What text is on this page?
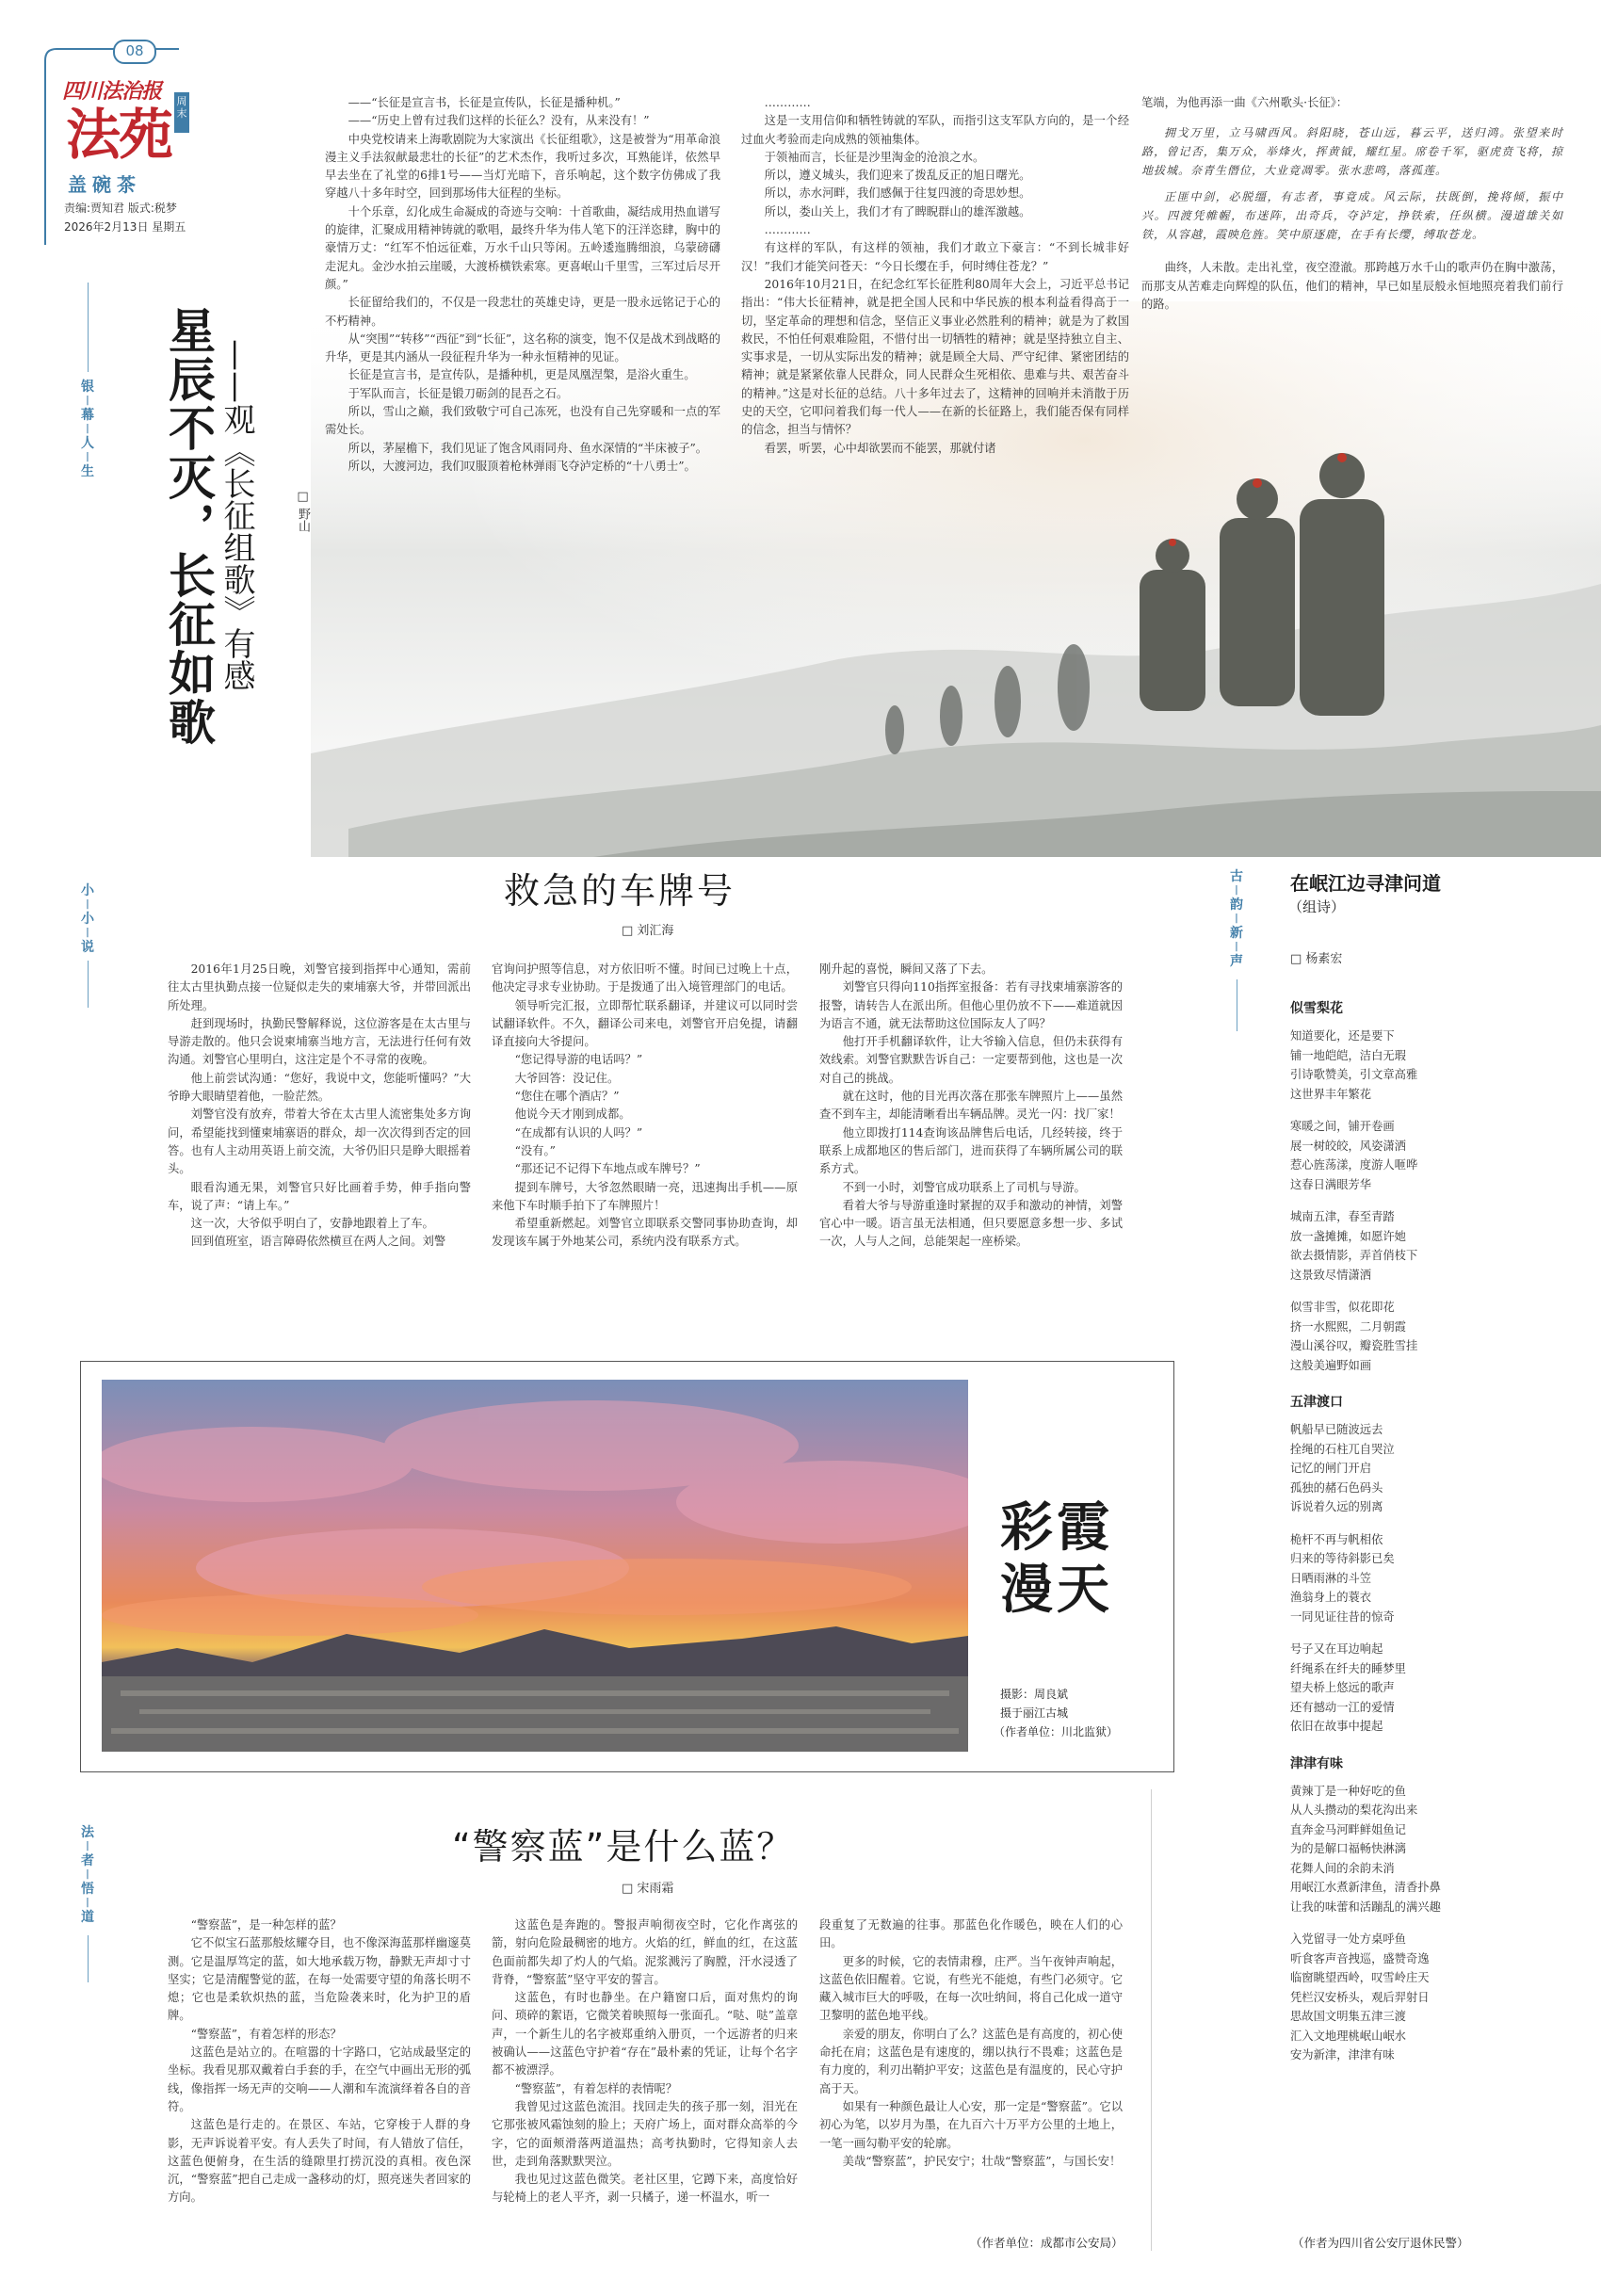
08
四川法治报
法苑
周末
盖碗茶
责编:贾知君 版式:税梦
2026年2月13日 星期五
银
|
幕
|
人
|
生 星辰不灭，长征如歌 ——观《长征组歌》有感	□ 野山

——“长征是宣言书，长征是宣传队，长征是播种机。”

——“历史上曾有过我们这样的长征么？没有，从来没有！”

中央党校请来上海歌剧院为大家演出《长征组歌》，这是被誉为“用革命浪漫主义手法叙献最悲壮的长征”的艺术杰作，我听过多次，耳熟能详，依然早早去坐在了礼堂的6排1号——当灯光暗下，音乐响起，这个数字仿佛成了我穿越八十多年时空，回到那场伟大征程的坐标。

十个乐章，幻化成生命凝成的奇迹与交响：十首歌曲，凝结成用热血谱写的旋律，汇聚成用精神铸就的歌唱，最终升华为伟人笔下的汪洋恣肆，胸中的豪情万丈：“红军不怕远征难，万水千山只等闲。五岭逶迤腾细浪，乌蒙磅礴走泥丸。金沙水拍云崖暖，大渡桥横铁索寒。更喜岷山千里雪，三军过后尽开颜。”

长征留给我们的，不仅是一段悲壮的英雄史诗，更是一股永远铭记于心的不朽精神。

从“突围”“转移”“西征”到“长征”，这名称的演变，饱不仅是战术到战略的升华，更是其内涵从一段征程升华为一种永恒精神的见证。

长征是宣言书，是宣传队，是播种机，更是凤凰涅槃，是浴火重生。

于军队而言，长征是锻刀砺剑的昆吾之石。

所以，雪山之巅，我们致敬宁可自己冻死，也没有自己先穿暖和一点的军需处长。

所以，茅屋檐下，我们见证了饱含风雨同舟、鱼水深情的“半床被子”。

所以，大渡河边，我们叹服顶着枪林弹雨飞夺泸定桥的“十八勇士”。

…………

这是一支用信仰和牺牲铸就的军队，而指引这支军队方向的，是一个经过血火考验而走向成熟的领袖集体。

于领袖而言，长征是沙里淘金的沧浪之水。

所以，遵义城头，我们迎来了拨乱反正的旭日曙光。

所以，赤水河畔，我们感佩于往复四渡的奇思妙想。

所以，娄山关上，我们才有了睥睨群山的雄浑激越。

…………

有这样的军队，有这样的领袖，我们才敢立下豪言：“不到长城非好汉！”我们才能笑问苍天：“今日长缨在手，何时缚住苍龙？”

2016年10月21日，在纪念红军长征胜利80周年大会上，习近平总书记指出：“伟大长征精神，就是把全国人民和中华民族的根本利益看得高于一切，坚定革命的理想和信念，坚信正义事业必然胜利的精神；就是为了救国救民，不怕任何艰难险阻，不惜付出一切牺牲的精神；就是坚持独立自主、实事求是，一切从实际出发的精神；就是顾全大局、严守纪律、紧密团结的精神；就是紧紧依靠人民群众，同人民群众生死相依、患难与共、艰苦奋斗的精神。”这是对长征的总结。八十多年过去了，这精神的回响并未消散于历史的天空，它叩问着我们每一代人——在新的长征路上，我们能否保有同样的信念，担当与情怀？

看罢，听罢，心中却欲罢而不能罢，那就付诸

笔端，为他再添一曲《六州歌头·长征》：

拥戈万里，立马啸西风。斜阳晓，苍山远，暮云平，送归鸿。张望来时路，曾记否，集万众，举烽火，挥黄钺，耀红星。席卷千军，驱虎贲飞将，掠地拔城。奈青生僭位，大业竟凋零。张水悲鸣，落孤莲。

正匪中剑，必脱缰，有志者，事竟成。风云际，扶既倒，挽将倾，振中兴。四渡凭帷幄，布迷阵，出奇兵，夺泸定，挣铁索，任纵横。漫道雄关如铁，从容越，霞映危旌。笑中原逐鹿，在手有长缨，缚取苍龙。

曲终，人未散。走出礼堂，夜空澄澈。那跨越万水千山的歌声仍在胸中激荡，而那支从苦难走向辉煌的队伍，他们的精神，早已如星辰般永恒地照亮着我们前行的路。

小
|
小
|
说
救急的车牌号
□ 刘汇海

2016年1月25日晚，刘警官接到指挥中心通知，需前往太古里执勤点接一位疑似走失的柬埔寨大爷，并带回派出所处理。

赶到现场时，执勤民警解释说，这位游客是在太古里与导游走散的。他只会说柬埔寨当地方言，无法进行任何有效沟通。刘警官心里明白，这注定是个不寻常的夜晚。

他上前尝试沟通：“您好，我说中文，您能听懂吗？”大爷睁大眼睛望着他，一脸茫然。

刘警官没有放弃，带着大爷在太古里人流密集处多方询问，希望能找到懂柬埔寨语的群众，却一次次得到否定的回答。也有人主动用英语上前交流，大爷仍旧只是睁大眼摇着头。

眼看沟通无果，刘警官只好比画着手势，伸手指向警车，说了声：“请上车。”

这一次，大爷似乎明白了，安静地跟着上了车。

回到值班室，语言障碍依然横亘在两人之间。刘警

官询问护照等信息，对方依旧听不懂。时间已过晚上十点，他决定寻求专业协助。于是拨通了出入境管理部门的电话。

领导听完汇报，立即帮忙联系翻译，并建议可以同时尝试翻译软件。不久，翻译公司来电，刘警官开启免提，请翻译直接向大爷提问。

“您记得导游的电话吗？”

大爷回答：没记住。

“您住在哪个酒店？”

他说今天才刚到成都。

“在成都有认识的人吗？”

“没有。”

“那还记不记得下车地点或车牌号？”

提到车牌号，大爷忽然眼睛一亮，迅速掏出手机——原来他下车时顺手拍下了车牌照片！

希望重新燃起。刘警官立即联系交警同事协助查询，却发现该车属于外地某公司，系统内没有联系方式。

刚升起的喜悦，瞬间又落了下去。

刘警官只得向110指挥室报备：若有寻找柬埔寨游客的报警，请转告人在派出所。但他心里仍放不下——难道就因为语言不通，就无法帮助这位国际友人了吗？

他打开手机翻译软件，让大爷输入信息，但仍未获得有效线索。刘警官默默告诉自己：一定要帮到他，这也是一次对自己的挑战。

就在这时，他的目光再次落在那张车牌照片上——虽然查不到车主，却能清晰看出车辆品牌。灵光一闪：找厂家！

他立即拨打114查询该品牌售后电话，几经转接，终于联系上成都地区的售后部门，进而获得了车辆所属公司的联系方式。

不到一小时，刘警官成功联系上了司机与导游。

看着大爷与导游重逢时紧握的双手和激动的神情，刘警官心中一暖。语言虽无法相通，但只要愿意多想一步、多试一次，人与人之间，总能架起一座桥梁。

彩霞漫天
摄影：周良斌
摄于丽江古城
（作者单位：川北监狱）
法
|
者
|
悟
|
道
“警察蓝”是什么蓝？
□ 宋雨霜

“警察蓝”，是一种怎样的蓝？

它不似宝石蓝那般炫耀夺目，也不像深海蓝那样幽邃莫测。它是温厚笃定的蓝，如大地承载万物，静默无声却寸寸坚实；它是清醒警觉的蓝，在每一处需要守望的角落长明不熄；它也是柔软炽热的蓝，当危险袭来时，化为护卫的盾牌。

“警察蓝”，有着怎样的形态？

这蓝色是站立的。在喧嚣的十字路口，它站成最坚定的坐标。我看见那双戴着白手套的手，在空气中画出无形的弧线，像指挥一场无声的交响——人潮和车流演绎着各自的音符。

这蓝色是行走的。在景区、车站，它穿梭于人群的身影，无声诉说着平安。有人丢失了时间，有人错放了信任，这蓝色便俯身，在生活的缝隙里打捞沉没的真相。夜色深沉，“警察蓝”把自己走成一盏移动的灯，照亮迷失者回家的方向。

这蓝色是奔跑的。警报声响彻夜空时，它化作离弦的箭，射向危险最稠密的地方。火焰的红，鲜血的红，在这蓝色面前都失却了灼人的气焰。泥浆溅污了胸膛，汗水浸透了背脊，“警察蓝”坚守平安的誓言。

这蓝色，有时也静坐。在户籍窗口后，面对焦灼的询问、琐碎的絮语，它微笑着映照每一张面孔。“哒、哒”盖章声，一个新生儿的名字被郑重纳入册页，一个远游者的归来被确认——这蓝色守护着“存在”最朴素的凭证，让每个名字都不被漂浮。

“警察蓝”，有着怎样的表情呢？

我曾见过这蓝色流泪。找回走失的孩子那一刻，泪光在它那张被风霜蚀刻的脸上；天府广场上，面对群众高举的今字，它的面颊滑落两道温热；高考执勤时，它得知亲人去世，走到角落默默哭泣。

我也见过这蓝色微笑。老社区里，它蹲下来，高度恰好与轮椅上的老人平齐，剥一只橘子，递一杯温水，听一

段重复了无数遍的往事。那蓝色化作暖色，映在人们的心田。

更多的时候，它的表情肃穆，庄严。当午夜钟声响起，这蓝色依旧醒着。它说，有些光不能熄，有些门必须守。它藏入城市巨大的呼吸，在每一次吐纳间，将自己化成一道守卫黎明的蓝色地平线。

亲爱的朋友，你明白了么？这蓝色是有高度的，初心使命托在肩；这蓝色是有速度的，绷以执行不畏难；这蓝色是有力度的，利刃出鞘护平安；这蓝色是有温度的，民心守护高于天。

如果有一种颜色最让人心安，那一定是“警察蓝”。它以初心为笔，以岁月为墨，在九百六十万平方公里的土地上，一笔一画勾勒平安的轮廓。

美哉“警察蓝”，护民安宁；壮哉“警察蓝”，与国长安！

（作者单位：成都市公安局）
古
|
韵
|
新
|
声
在岷江边寻津问道
（组诗）
□ 杨素宏
似雪梨花
知道要化，还是要下
铺一地皑皑，洁白无瑕
引诗歌赞美，引文章高雅
这世界丰年繁花
寒暖之间，铺开卷画
展一树皎皎，风姿潇洒
惹心旌荡漾，度游人咂哗
这春日满眼芳华
城南五津，春至青踏
放一盏摊摊，如愿许她
欲去摄情影，弄首俏枝下
这景致尽情潇洒
似雪非雪，似花即花
挤一水熙熙，二月朝霞
漫山溪谷叹，瓣瓷胜雪挂
这般美遍野如画
五津渡口
帆船早已随波远去
拴绳的石柱兀自哭泣
记忆的闸门开启
孤独的赭石色码头
诉说着久远的别离
桅杆不再与帆相依
归来的等待斜影已矣
日晒雨淋的斗笠
渔翁身上的蓑衣
一同见证往昔的惊奇
号子又在耳边响起
纤绳系在纤夫的睡梦里
望夫桥上悠远的歌声
还有撼动一江的爱情
依旧在故事中提起
津津有味
黄辣丁是一种好吃的鱼
从人头攒动的梨花沟出来
直奔金马河畔鲜姐鱼记
为的是解口福畅快淋漓
花舞人间的余韵未消
用岷江水煮新津鱼，清香扑鼻
让我的味蕾和活蹦乱的满兴趣
入党留寻一处方桌呼鱼
听食客声音拽巡，盛赞奇逸
临窗眺望西岭，叹雪岭庄天
凭栏汉安桥头，观后羿射日
思故国文明集五津三渡
汇入文地理桃岷山岷水
安为新津，津津有味
（作者为四川省公安厅退休民警）
